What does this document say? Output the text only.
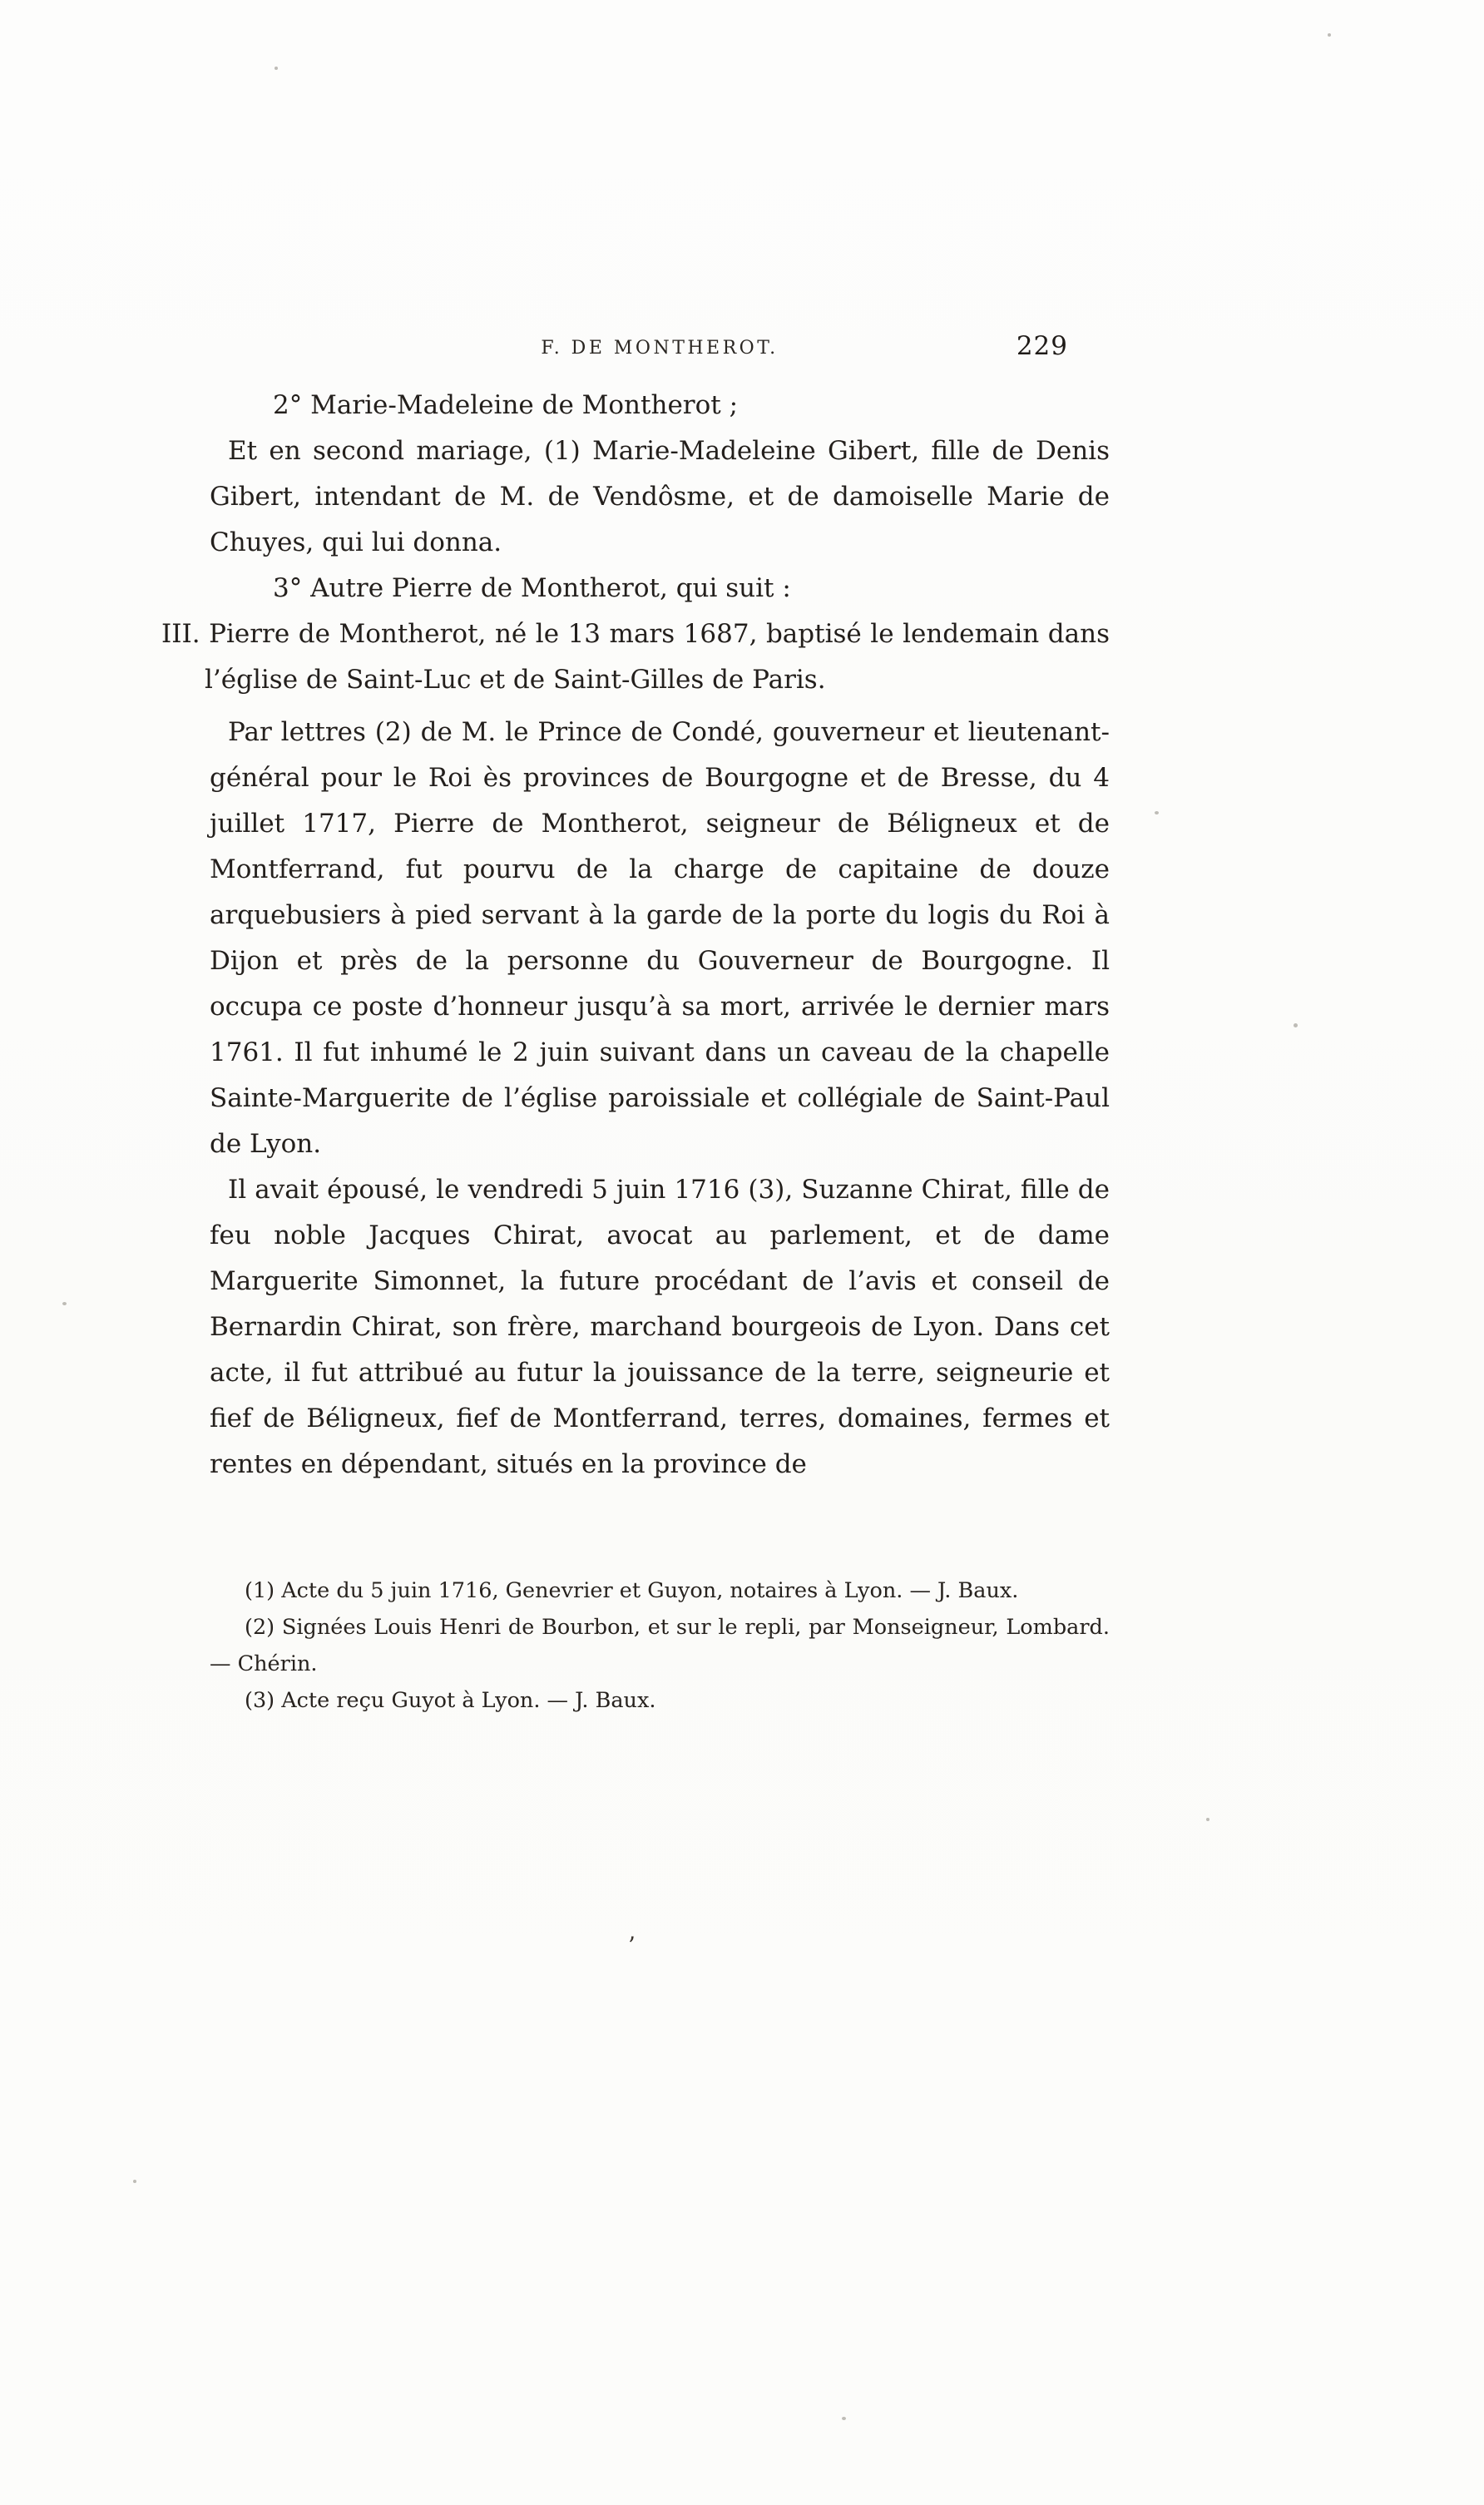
F. DE MONTHEROT.	229

2° Marie-Madeleine de Montherot ;

Et en second mariage, (1) Marie-Madeleine Gibert, fille de Denis Gibert, intendant de M. de Vendôsme, et de damoiselle Marie de Chuyes, qui lui donna.

3° Autre Pierre de Montherot, qui suit :

III. Pierre de Montherot, né le 13 mars 1687, baptisé le lendemain dans l’église de Saint-Luc et de Saint-Gilles de Paris.

Par lettres (2) de M. le Prince de Condé, gouverneur et lieutenant-général pour le Roi ès provinces de Bourgogne et de Bresse, du 4 juillet 1717, Pierre de Montherot, seigneur de Béligneux et de Montferrand, fut pourvu de la charge de capitaine de douze arquebusiers à pied servant à la garde de la porte du logis du Roi à Dijon et près de la personne du Gouverneur de Bourgogne. Il occupa ce poste d’honneur jusqu’à sa mort, arrivée le dernier mars 1761. Il fut inhumé le 2 juin suivant dans un caveau de la chapelle Sainte-Marguerite de l’église paroissiale et collégiale de Saint-Paul de Lyon.

Il avait épousé, le vendredi 5 juin 1716 (3), Suzanne Chirat, fille de feu noble Jacques Chirat, avocat au parlement, et de dame Marguerite Simonnet, la future procédant de l’avis et conseil de Bernardin Chirat, son frère, marchand bourgeois de Lyon. Dans cet acte, il fut attribué au futur la jouissance de la terre, seigneurie et fief de Béligneux, fief de Montferrand, terres, domaines, fermes et rentes en dépendant, situés en la province de

(1) Acte du 5 juin 1716, Genevrier et Guyon, notaires à Lyon. — J. Baux.

(2) Signées Louis Henri de Bourbon, et sur le repli, par Monseigneur, Lombard. — Chérin.

(3) Acte reçu Guyot à Lyon. — J. Baux.

’
